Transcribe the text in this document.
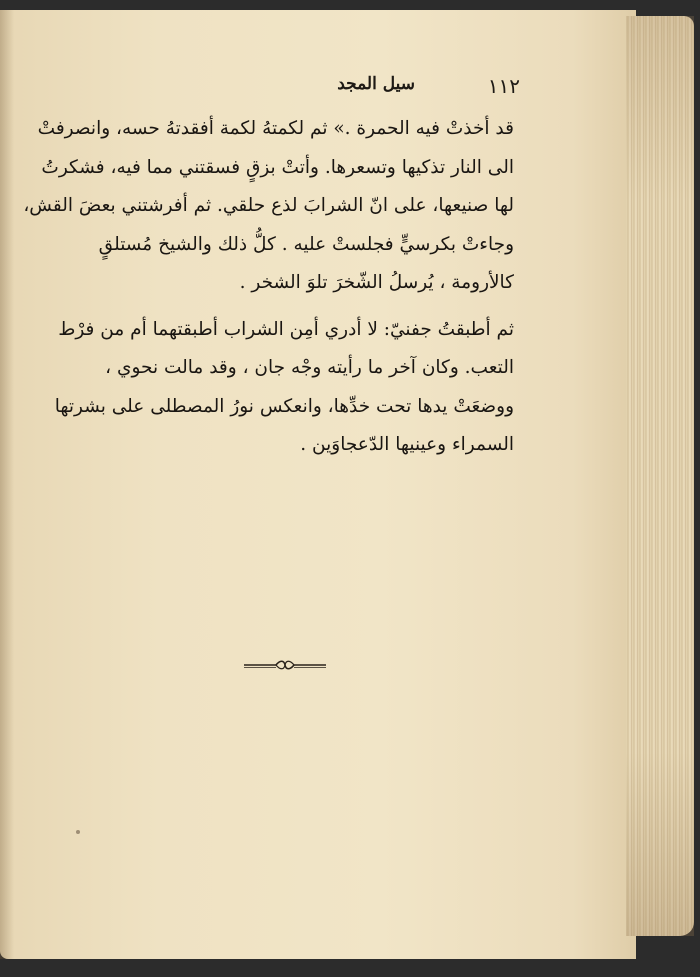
١١٢
سيل المجد
قد أخذتْ فيه الحمرة .» ثم لكمتهُ لكمة أفقدتهُ حسه، وانصرفتْ
الى النار تذكيها وتسعرها. وأتتْ بزقٍ فسقتني مما فيه، فشكرتُ
لها صنيعها، على انّ الشرابَ لذع حلقي. ثم أفرشتني بعضَ القش،
وجاءتْ بكرسيٍّ فجلستْ عليه . كلُّ ذلك والشيخ مُستلقٍ
كالأرومة ، يُرسلُ الشّخرَ تلوَ الشخر .
ثم أطبقتُ جفنيّ: لا أدري أمِن الشراب أطبقتهما أم من فرْط
التعب. وكان آخر ما رأيته وجْه جان ، وقد مالت نحوي ،
ووضعَتْ يدها تحت خدِّها، وانعكس نورُ المصطلى على بشرتها
السمراء وعينيها الدّعجاوَين .
